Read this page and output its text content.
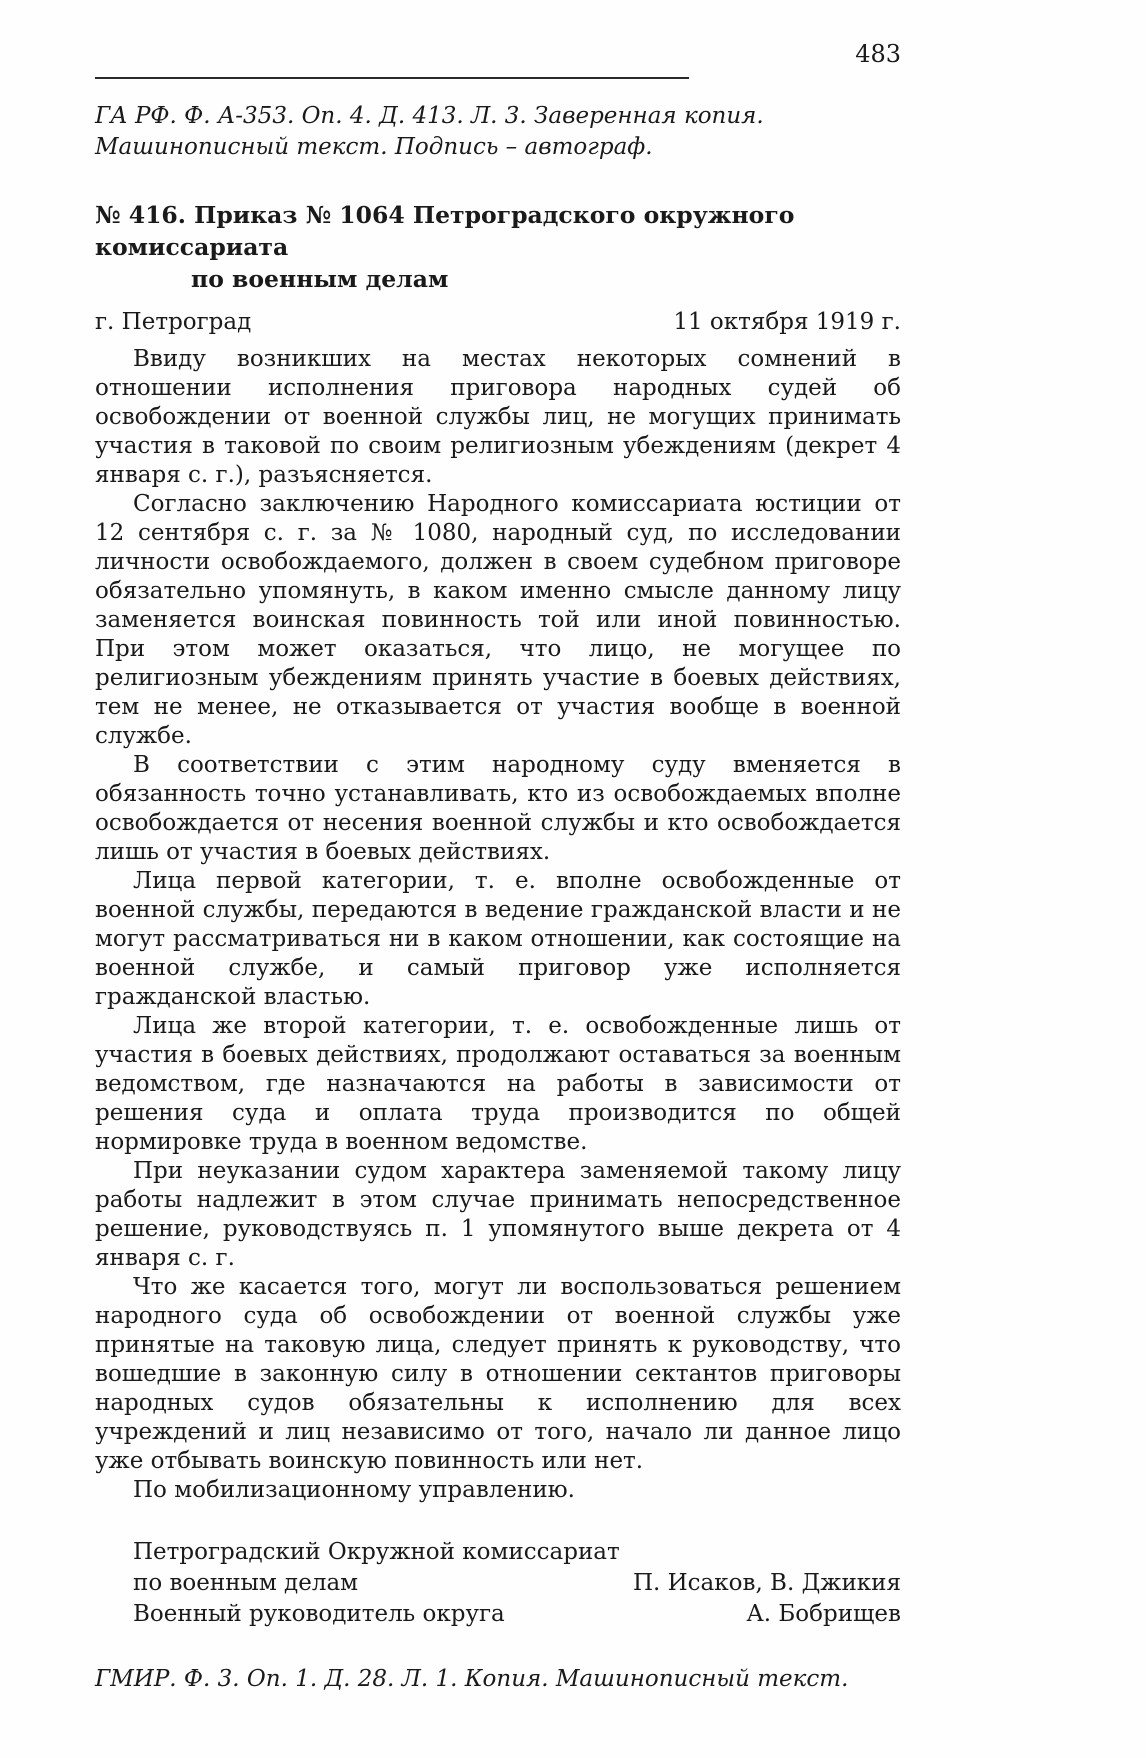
483
ГА РФ. Ф. А-353. Оп. 4. Д. 413. Л. 3. Заверенная копия.
Машинописный текст. Подпись – автограф.
№ 416. Приказ № 1064 Петроградского окружного комиссариата
по военным делам
г. Петроград	11 октября 1919 г.

Ввиду возникших на местах некоторых сомнений в отношении исполнения приговора народных судей об освобождении от военной службы лиц, не могущих принимать участия в таковой по своим религиозным убеждениям (декрет 4 января с. г.), разъясняется.

Согласно заключению Народного комиссариата юстиции от 12 сентября с. г. за № 1080, народный суд, по исследовании личности освобождаемого, должен в своем судебном приговоре обязательно упомянуть, в каком именно смысле данному лицу заменяется воинская повинность той или иной повинностью. При этом может оказаться, что лицо, не могущее по религиозным убеждениям принять участие в боевых действиях, тем не менее, не отказывается от участия вообще в военной службе.

В соответствии с этим народному суду вменяется в обязанность точно устанавливать, кто из освобождаемых вполне освобождается от несения военной службы и кто освобождается лишь от участия в боевых действиях.

Лица первой категории, т. е. вполне освобожденные от военной службы, передаются в ведение гражданской власти и не могут рассматриваться ни в каком отношении, как состоящие на военной службе, и самый приговор уже исполняется гражданской властью.

Лица же второй категории, т. е. освобожденные лишь от участия в боевых действиях, продолжают оставаться за военным ведомством, где назначаются на работы в зависимости от решения суда и оплата труда производится по общей нормировке труда в военном ведомстве.

При неуказании судом характера заменяемой такому лицу работы надлежит в этом случае принимать непосредственное решение, руководствуясь п. 1 упомянутого выше декрета от 4 января с. г.

Что же касается того, могут ли воспользоваться решением народного суда об освобождении от военной службы уже принятые на таковую лица, следует принять к руководству, что вошедшие в законную силу в отношении сектантов приговоры народных судов обязательны к исполнению для всех учреждений и лиц независимо от того, начало ли данное лицо уже отбывать воинскую повинность или нет.

По мобилизационному управлению.

Петроградский Окружной комиссариат
по военным делам	П. Исаков, В. Джикия
Военный руководитель округа	А. Бобрищев
ГМИР. Ф. 3. Оп. 1. Д. 28. Л. 1. Копия. Машинописный текст.
